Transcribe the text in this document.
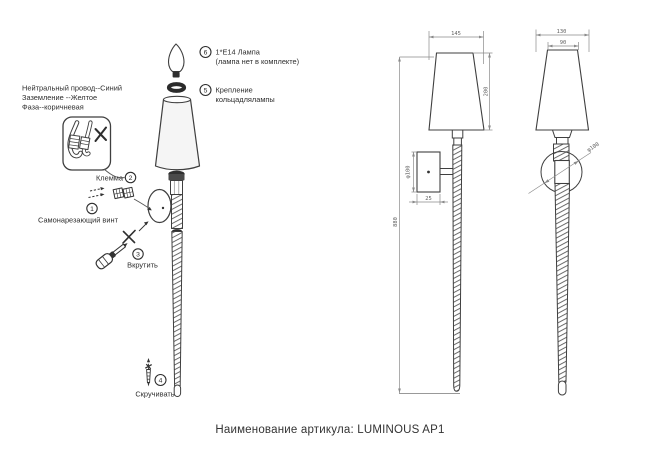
1
2
3
4
5
6
Нейтральный провод--Синий
Заземление --Желтое
Фаза--коричневая
Клемма
Самонарезающий винт
Вкрутить
Скручивать
1*E14 Лампа
(лампа нет в комплекте)
Крепление
кольцадлялампы
145
200
880
φ100
25
130
90
φ100
Наименование артикула: LUMINOUS AP1
